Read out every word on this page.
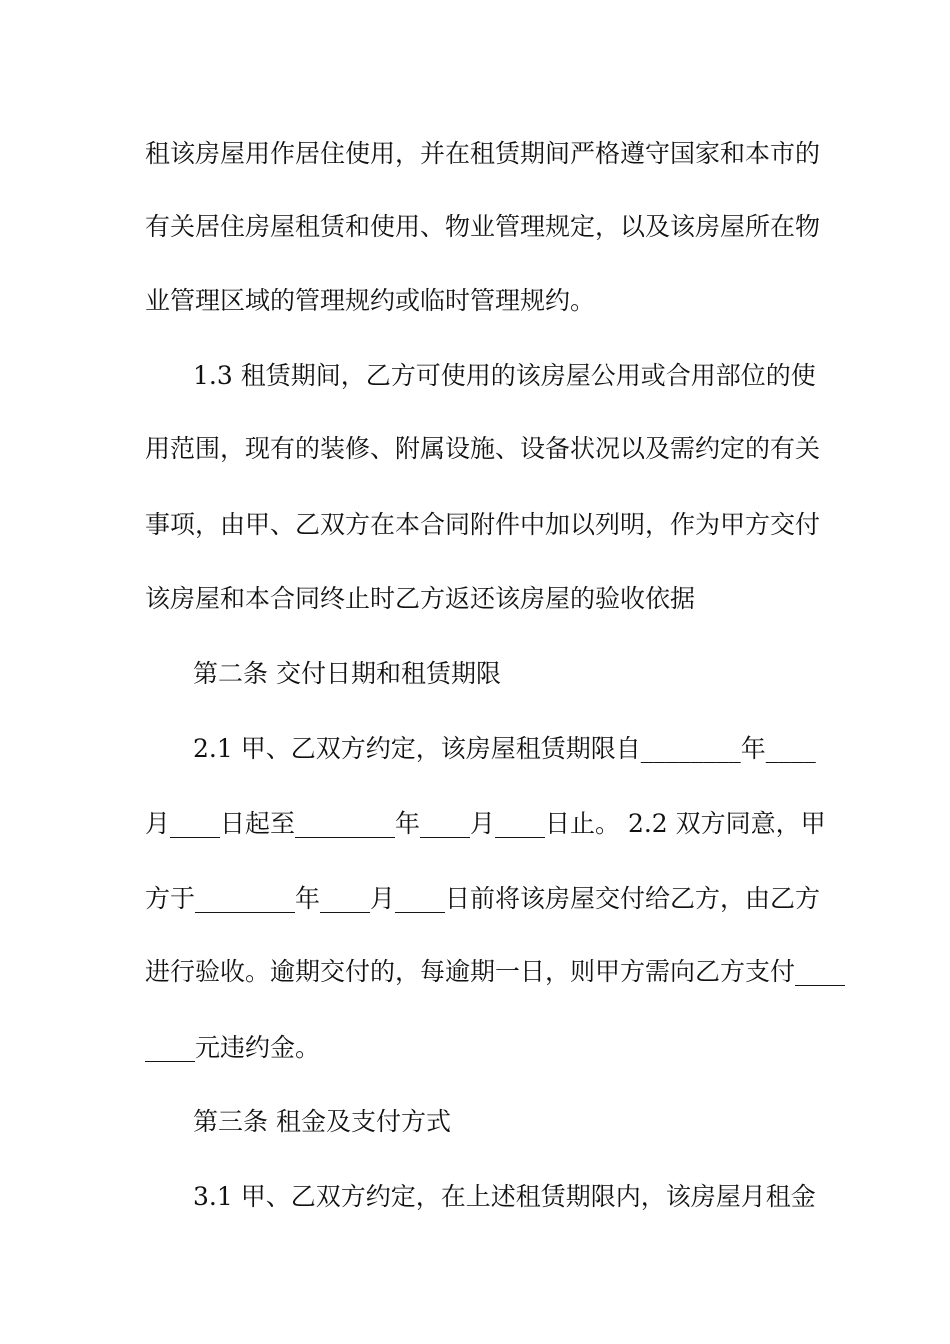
租该房屋用作居住使用，并在租赁期间严格遵守国家和本市的
有关居住房屋租赁和使用、物业管理规定，以及该房屋所在物
业管理区域的管理规约或临时管理规约。
1.3 租赁期间，乙方可使用的该房屋公用或合用部位的使
用范围，现有的装修、附属设施、设备状况以及需约定的有关
事项，由甲、乙双方在本合同附件中加以列明，作为甲方交付
该房屋和本合同终止时乙方返还该房屋的验收依据
第二条 交付日期和租赁期限
2.1 甲、乙双方约定，该房屋租赁期限自________年____
月____日起至________年____月____日止。 2.2 双方同意，甲
方于________年____月____日前将该房屋交付给乙方，由乙方
进行验收。逾期交付的，每逾期一日，则甲方需向乙方支付____
____元违约金。
第三条 租金及支付方式
3.1 甲、乙双方约定，在上述租赁期限内，该房屋月租金
